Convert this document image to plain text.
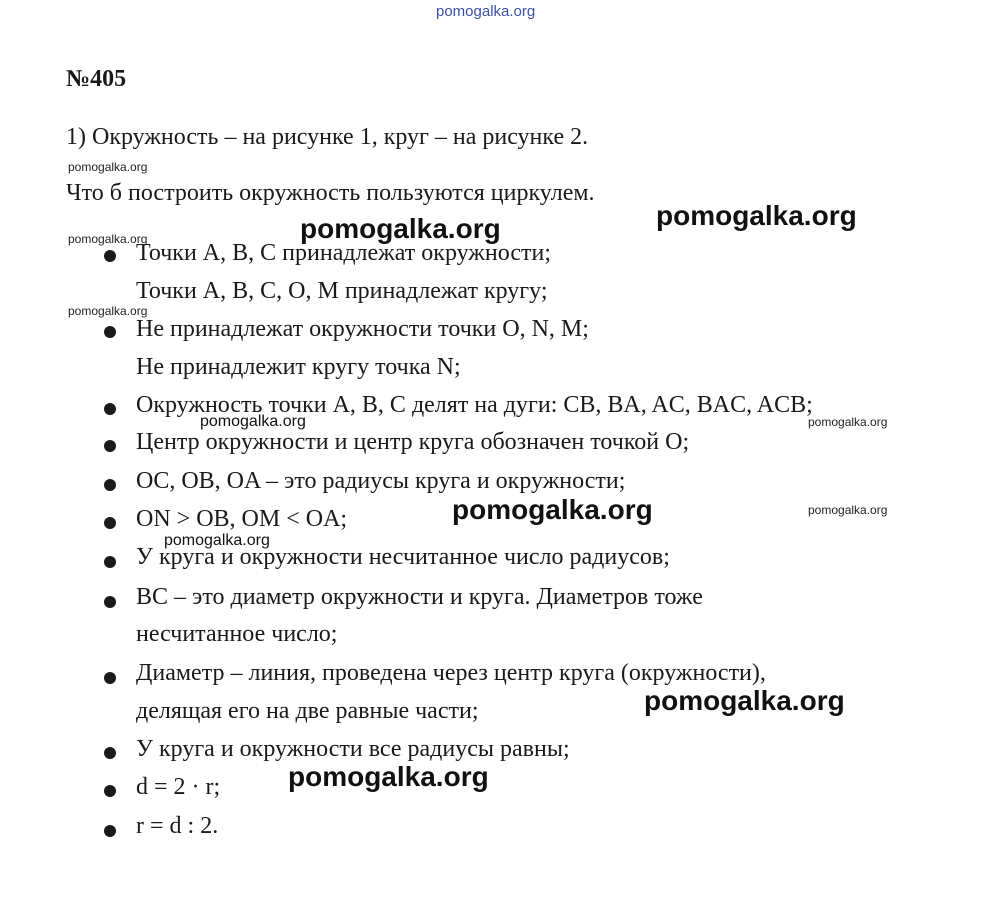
pomogalka.org
№405
1) Окружность – на рисунке 1, круг – на рисунке 2.
pomogalka.org
Что б построить окружность пользуются циркулем.
pomogalka.org
pomogalka.org	pomogalka.org
Точки A, B, C принадлежат окружности;
Точки A, B, C, O, M принадлежат кругу;
pomogalka.org
Не принадлежат окружности точки O, N, M;
Не принадлежит кругу точка N;
Окружность точки A, B, C делят на дуги: CB, BA, AC, BAC, ACB;
pomogalka.org	pomogalka.org
Центр окружности и центр круга обозначен точкой O;
OC, OB, OA – это радиусы круга и окружности;
pomogalka.org	pomogalka.org
ON > OB, OM < OA;
pomogalka.org
У круга и окружности несчитанное число радиусов;
BC – это диаметр окружности и круга. Диаметров тоже
несчитанное число;
Диаметр – линия, проведена через центр круга (окружности),
делящая его на две равные части;	pomogalka.org
У круга и окружности все радиусы равны;
pomogalka.org
d = 2 · r;
r = d : 2.
